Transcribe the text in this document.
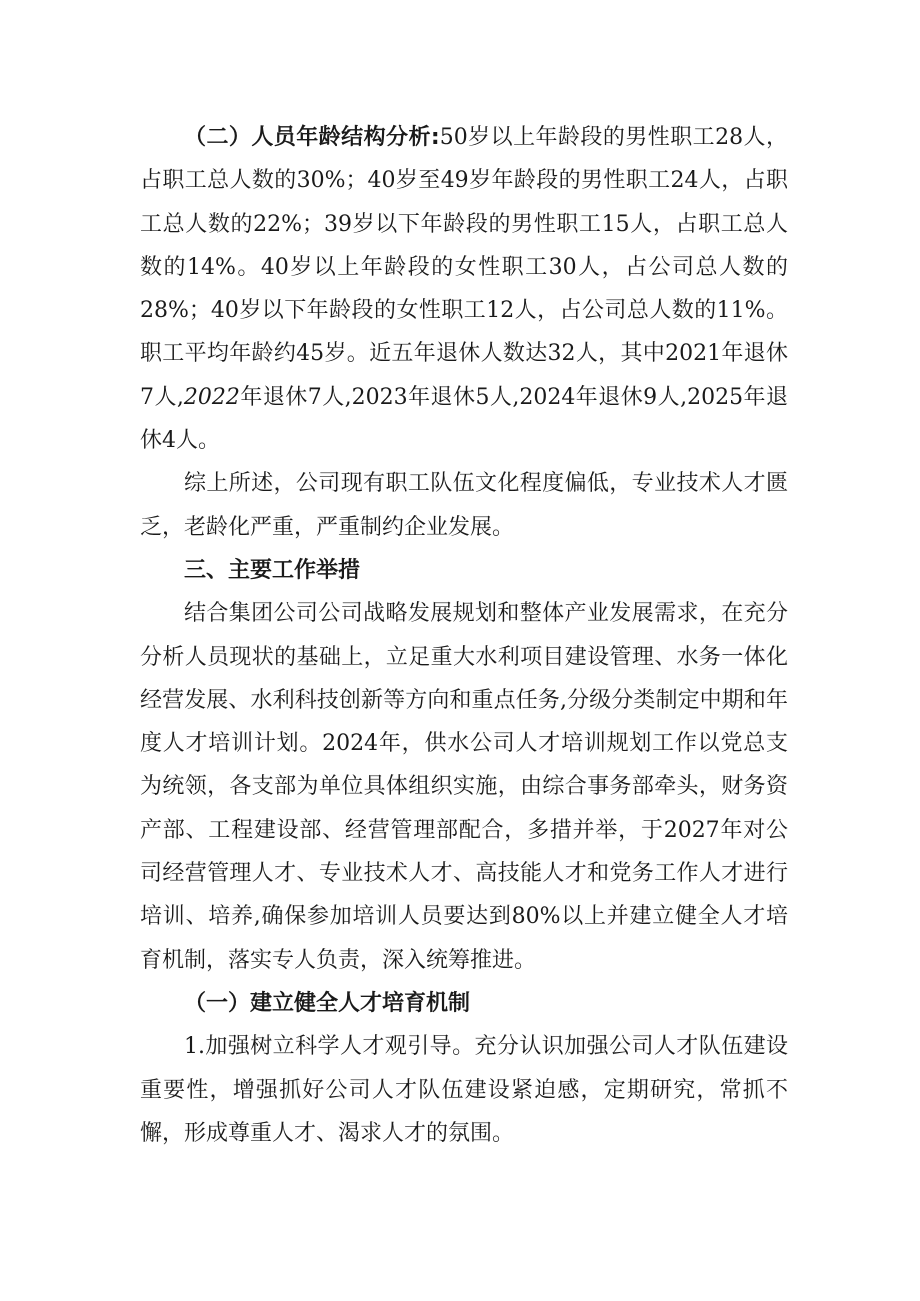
（二）人员年龄结构分析:50岁以上年龄段的男性职工28人，占职工总人数的30%；40岁至49岁年龄段的男性职工24人，占职工总人数的22%；39岁以下年龄段的男性职工15人，占职工总人数的14%。40岁以上年龄段的女性职工30人，占公司总人数的28%；40岁以下年龄段的女性职工12人，占公司总人数的11%。职工平均年龄约45岁。近五年退休人数达32人，其中2021年退休7人,2022年退休7人,2023年退休5人,2024年退休9人,2025年退休4人。

综上所述，公司现有职工队伍文化程度偏低，专业技术人才匮乏，老龄化严重，严重制约企业发展。

三、主要工作举措

结合集团公司公司战略发展规划和整体产业发展需求，在充分分析人员现状的基础上，立足重大水利项目建设管理、水务一体化经营发展、水利科技创新等方向和重点任务,分级分类制定中期和年度人才培训计划。2024年，供水公司人才培训规划工作以党总支为统领，各支部为单位具体组织实施，由综合事务部牵头，财务资产部、工程建设部、经营管理部配合，多措并举，于2027年对公司经营管理人才、专业技术人才、高技能人才和党务工作人才进行培训、培养,确保参加培训人员要达到80%以上并建立健全人才培育机制，落实专人负责，深入统筹推进。

（一）建立健全人才培育机制

1.加强树立科学人才观引导。充分认识加强公司人才队伍建设重要性，增强抓好公司人才队伍建设紧迫感，定期研究，常抓不懈，形成尊重人才、渴求人才的氛围。
